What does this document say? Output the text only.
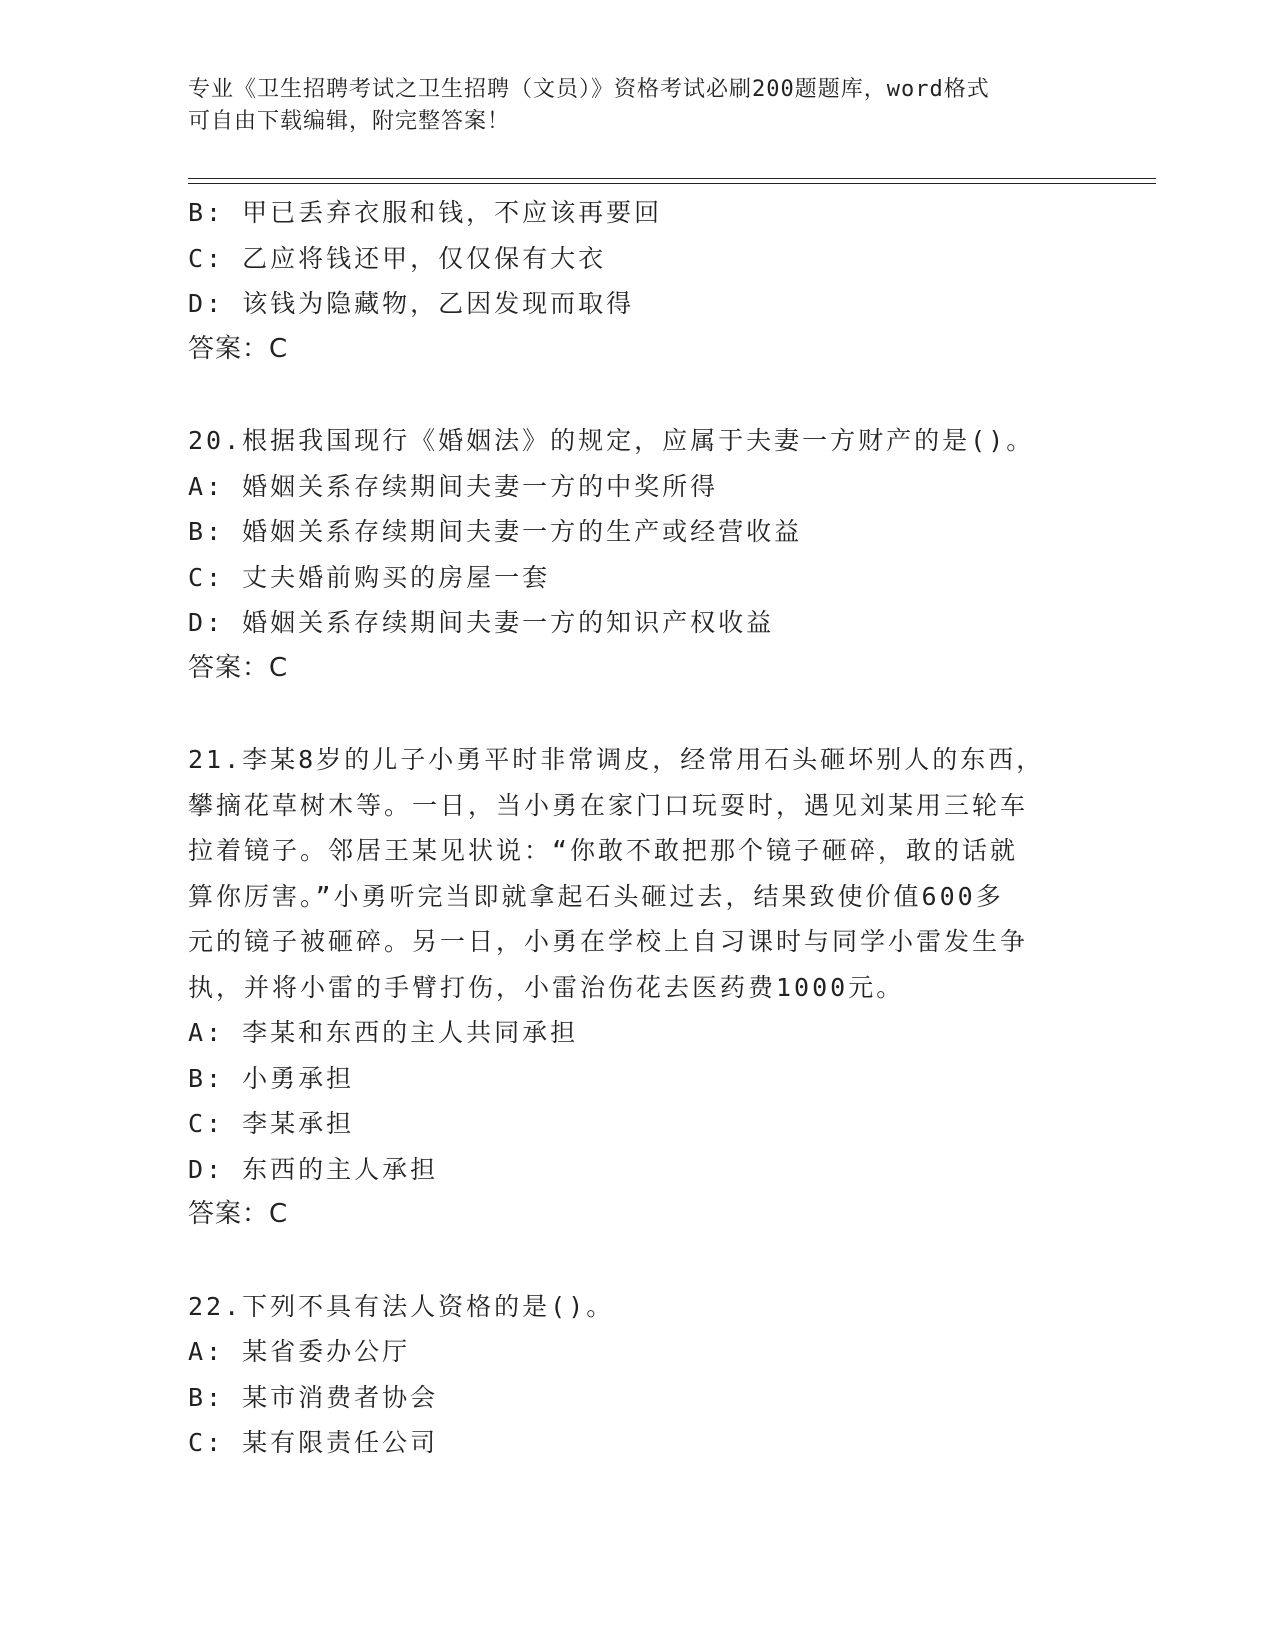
专业《卫生招聘考试之卫生招聘（文员）》资格考试必刷200题题库，word格式
可自由下载编辑，附完整答案！
B: 甲已丢弃衣服和钱，不应该再要回
C: 乙应将钱还甲，仅仅保有大衣
D: 该钱为隐藏物，乙因发现而取得
答案：C
20.根据我国现行《婚姻法》的规定，应属于夫妻一方财产的是()。
A: 婚姻关系存续期间夫妻一方的中奖所得
B: 婚姻关系存续期间夫妻一方的生产或经营收益
C: 丈夫婚前购买的房屋一套
D: 婚姻关系存续期间夫妻一方的知识产权收益
答案：C
21.李某8岁的儿子小勇平时非常调皮，经常用石头砸坏别人的东西，
攀摘花草树木等。一日，当小勇在家门口玩耍时，遇见刘某用三轮车
拉着镜子。邻居王某见状说：“你敢不敢把那个镜子砸碎，敢的话就
算你厉害。”小勇听完当即就拿起石头砸过去，结果致使价值600多
元的镜子被砸碎。另一日，小勇在学校上自习课时与同学小雷发生争
执，并将小雷的手臂打伤，小雷治伤花去医药费1000元。
A: 李某和东西的主人共同承担
B: 小勇承担
C: 李某承担
D: 东西的主人承担
答案：C
22.下列不具有法人资格的是()。
A: 某省委办公厅
B: 某市消费者协会
C: 某有限责任公司
